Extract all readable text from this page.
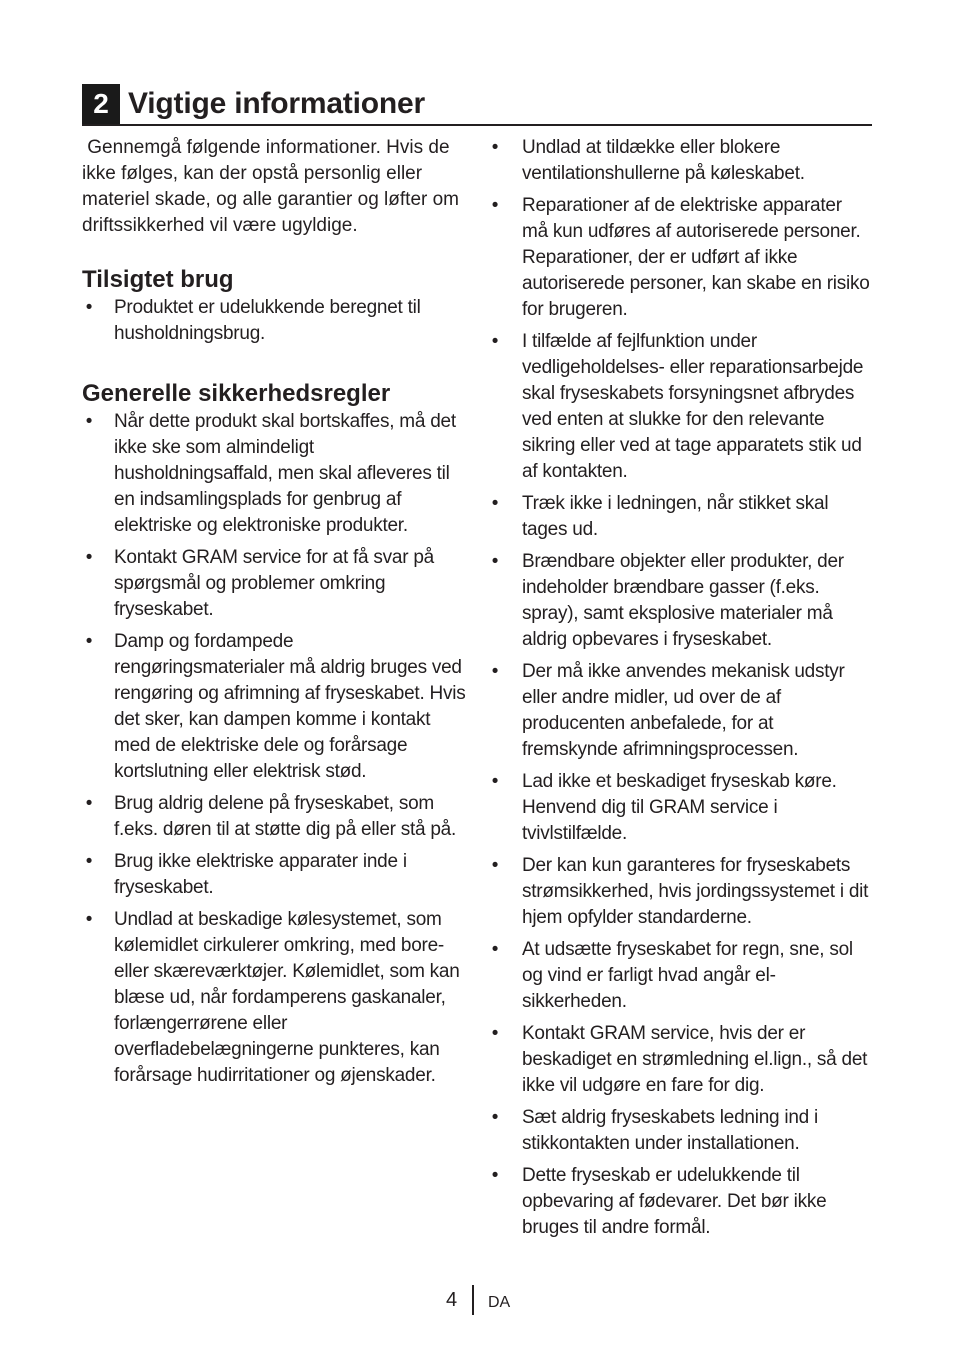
2 Vigtige informationer

Gennemgå følgende informationer. Hvis de ikke følges, kan der opstå personlig eller materiel skade, og alle garantier og løfter om driftssikkerhed vil være ugyldige.

Tilsigtet brug
• Produktet er udelukkende beregnet til husholdningsbrug.
Generelle sikkerhedsregler
• Når dette produkt skal bortskaffes, må det ikke ske som almindeligt husholdningsaffald, men skal afleveres til en indsamlingsplads for genbrug af elektriske og elektroniske produkter.
• Kontakt GRAM service for at få svar på spørgsmål og problemer omkring fryseskabet.
• Damp og fordampede rengøringsmaterialer må aldrig bruges ved rengøring og afrimning af fryseskabet. Hvis det sker, kan dampen komme i kontakt med de elektriske dele og forårsage kortslutning eller elektrisk stød.
• Brug aldrig delene på fryseskabet, som f.eks. døren til at støtte dig på eller stå på.
• Brug ikke elektriske apparater inde i fryseskabet.
• Undlad at beskadige kølesystemet, som kølemidlet cirkulerer omkring, med bore- eller skæreværktøjer. Kølemidlet, som kan blæse ud, når fordamperens gaskanaler, forlængerrørene eller overfladebelægningerne punkteres, kan forårsage hudirritationer og øjenskader.
• Undlad at tildække eller blokere ventilationshullerne på køleskabet.
• Reparationer af de elektriske apparater må kun udføres af autoriserede personer. Reparationer, der er udført af ikke autoriserede personer, kan skabe en risiko for brugeren.
• I tilfælde af fejlfunktion under vedligeholdelses- eller reparationsarbejde skal fryseskabets forsyningsnet afbrydes ved enten at slukke for den relevante sikring eller ved at tage apparatets stik ud af kontakten.
• Træk ikke i ledningen, når stikket skal tages ud.
• Brændbare objekter eller produkter, der indeholder brændbare gasser (f.eks. spray), samt eksplosive materialer må aldrig opbevares i fryseskabet.
• Der må ikke anvendes mekanisk udstyr eller andre midler, ud over de af producenten anbefalede, for at fremskynde afrimningsprocessen.
• Lad ikke et beskadiget fryseskab køre. Henvend dig til GRAM service i tvivlstilfælde.
• Der kan kun garanteres for fryseskabets strømsikkerhed, hvis jordingssystemet i dit hjem opfylder standarderne.
• At udsætte fryseskabet for regn, sne, sol og vind er farligt hvad angår el-sikkerheden.
• Kontakt GRAM service, hvis der er beskadiget en strømledning el.lign., så det ikke vil udgøre en fare for dig.
• Sæt aldrig fryseskabets ledning ind i stikkontakten under installationen.
• Dette fryseskab er udelukkende til opbevaring af fødevarer. Det bør ikke bruges til andre formål.
4 DA
